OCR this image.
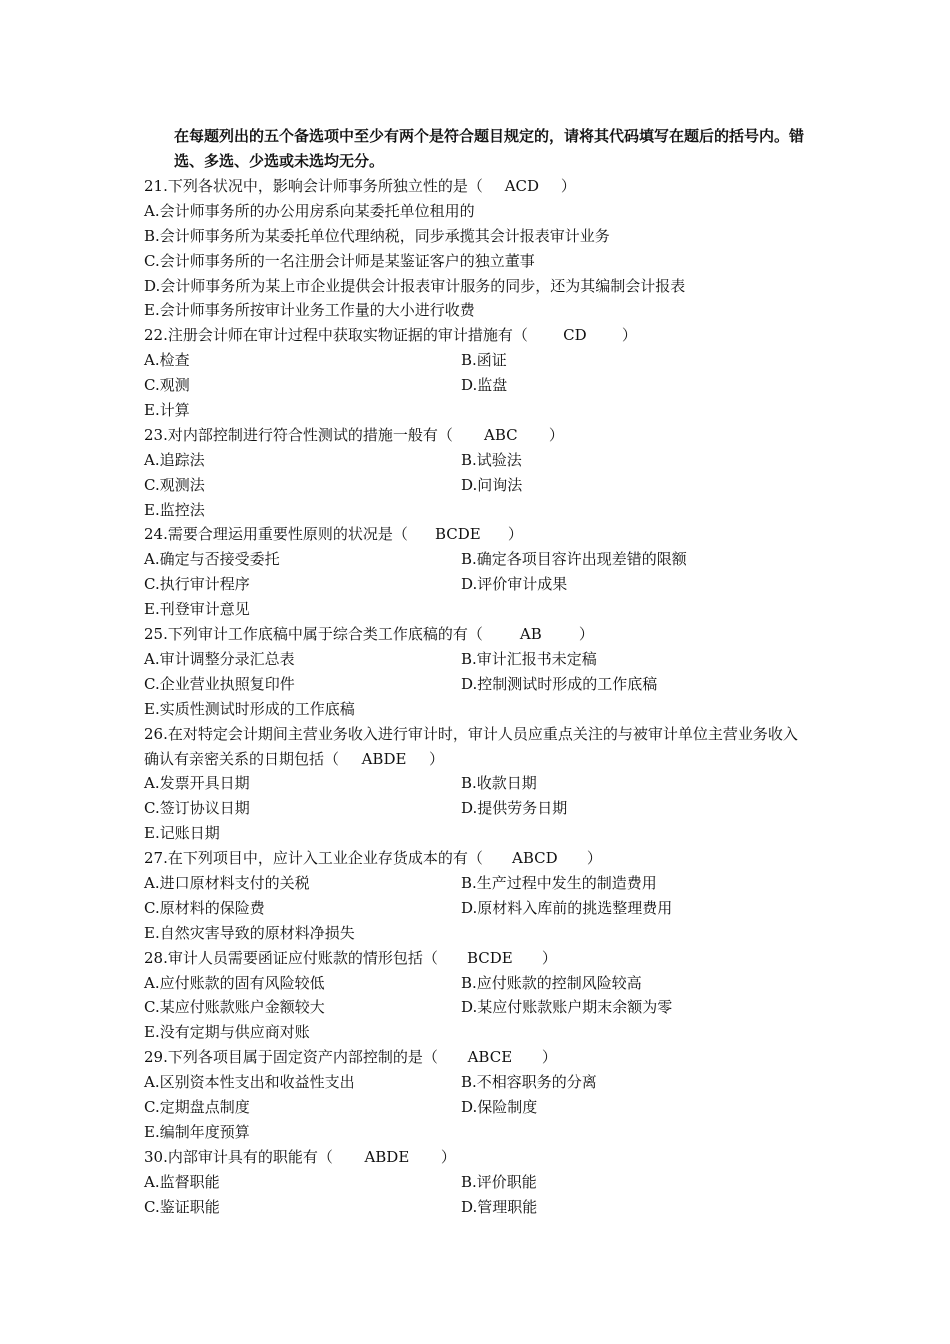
在每题列出的五个备选项中至少有两个是符合题目规定的，请将其代码填写在题后的括号内。错选、多选、少选或未选均无分。
21.下列各状况中，影响会计师事务所独立性的是（ ACD ）
A.会计师事务所的办公用房系向某委托单位租用的
B.会计师事务所为某委托单位代理纳税，同步承揽其会计报表审计业务
C.会计师事务所的一名注册会计师是某鉴证客户的独立董事
D.会计师事务所为某上市企业提供会计报表审计服务的同步，还为其编制会计报表
E.会计师事务所按审计业务工作量的大小进行收费
22.注册会计师在审计过程中获取实物证据的审计措施有（ CD ）
A.检查	B.函证
C.观测	D.监盘
E.计算
23.对内部控制进行符合性测试的措施一般有（ ABC ）
A.追踪法	B.试验法
C.观测法	D.问询法
E.监控法
24.需要合理运用重要性原则的状况是（ BCDE ）
A.确定与否接受委托	B.确定各项目容许出现差错的限额
C.执行审计程序	D.评价审计成果
E.刊登审计意见
25.下列审计工作底稿中属于综合类工作底稿的有（ AB ）
A.审计调整分录汇总表	B.审计汇报书未定稿
C.企业营业执照复印件	D.控制测试时形成的工作底稿
E.实质性测试时形成的工作底稿
26.在对特定会计期间主营业务收入进行审计时，审计人员应重点关注的与被审计单位主营业务收入确认有亲密关系的日期包括（ ABDE ）
A.发票开具日期	B.收款日期
C.签订协议日期	D.提供劳务日期
E.记账日期
27.在下列项目中，应计入工业企业存货成本的有（ ABCD ）
A.进口原材料支付的关税	B.生产过程中发生的制造费用
C.原材料的保险费	D.原材料入库前的挑选整理费用
E.自然灾害导致的原材料净损失
28.审计人员需要函证应付账款的情形包括（ BCDE ）
A.应付账款的固有风险较低	B.应付账款的控制风险较高
C.某应付账款账户金额较大	D.某应付账款账户期末余额为零
E.没有定期与供应商对账
29.下列各项目属于固定资产内部控制的是（ ABCE ）
A.区别资本性支出和收益性支出	B.不相容职务的分离
C.定期盘点制度	D.保险制度
E.编制年度预算
30.内部审计具有的职能有（ ABDE ）
A.监督职能	B.评价职能
C.鉴证职能	D.管理职能
